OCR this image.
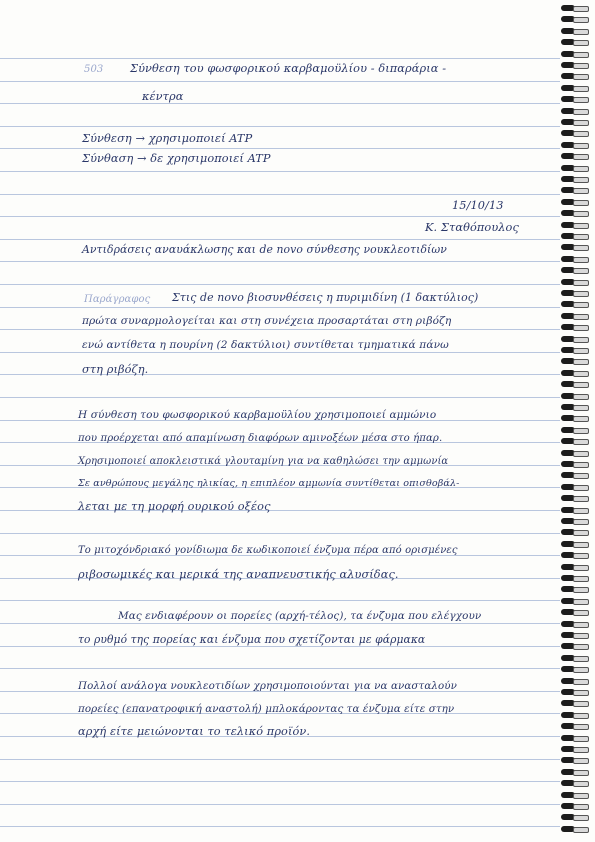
503 Σύνθεση του φωσφορικού καρβαμοϋλίου - διπαράρια -
κέντρα
Σύνθεση → χρησιμοποιεί ATP
Σύνθαση → δε χρησιμοποιεί ATP
15/10/13
Κ. Σταθόπουλος
Αντιδράσεις αναυάκλωσης και de novo σύνθεσης νουκλεοτιδίων
Παράγραφος Στις de novo βιοσυνθέσεις η πυριμιδίνη (1 δακτύλιος)
πρώτα συναρμολογείται και στη συνέχεια προσαρτάται στη ριβόζη
ενώ αντίθετα η πουρίνη (2 δακτύλιοι) συντίθεται τμηματικά πάνω
στη ριβόζη.
Η σύνθεση του φωσφορικού καρβαμοϋλίου χρησιμοποιεί αμμώνιο
που προέρχεται από απαμίνωση διαφόρων αμινοξέων μέσα στο ήπαρ.
Χρησιμοποιεί αποκλειστικά γλουταμίνη για να καθηλώσει την αμμωνία
Σε ανθρώπους μεγάλης ηλικίας, η επιπλέον αμμωνία συντίθεται οπισθοβάλ-
λεται με τη μορφή ουρικού οξέος
Το μιτοχόνδριακό γονίδιωμα δε κωδικοποιεί ένζυμα πέρα από ορισμένες
ριβοσωμικές και μερικά της αναπνευστικής αλυσίδας.
Μας ενδιαφέρουν οι πορείες (αρχή-τέλος), τα ένζυμα που ελέγχουν
το ρυθμό της πορείας και ένζυμα που σχετίζονται με φάρμακα
Πολλοί ανάλογα νουκλεοτιδίων χρησιμοποιούνται για να ανασταλούν
πορείες (επανατροφική αναστολή) μπλοκάροντας τα ένζυμα είτε στην
αρχή είτε μειώνονται το τελικό προϊόν.
